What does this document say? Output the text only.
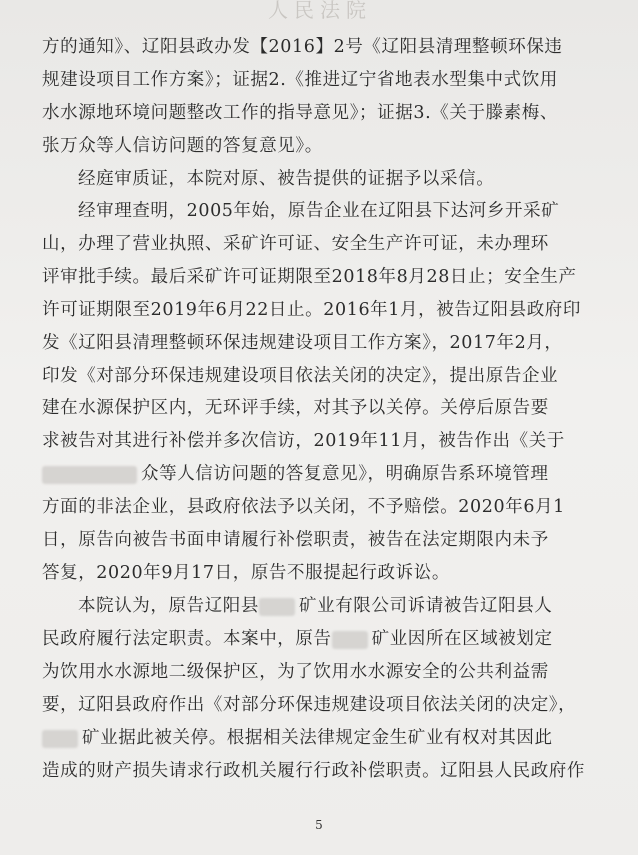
人民法院
方的通知》、辽阳县政办发【2016】2号《辽阳县清理整顿环保违
规建设项目工作方案》；证据2.《推进辽宁省地表水型集中式饮用
水水源地环境问题整改工作的指导意见》；证据3.《关于滕素梅、
张万众等人信访问题的答复意见》。
经庭审质证，本院对原、被告提供的证据予以采信。
经审理查明，2005年始，原告企业在辽阳县下达河乡开采矿
山，办理了营业执照、采矿许可证、安全生产许可证，未办理环
评审批手续。最后采矿许可证期限至2018年8月28日止；安全生产
许可证期限至2019年6月22日止。2016年1月，被告辽阳县政府印
发《辽阳县清理整顿环保违规建设项目工作方案》，2017年2月，
印发《对部分环保违规建设项目依法关闭的决定》，提出原告企业
建在水源保护区内，无环评手续，对其予以关停。关停后原告要
求被告对其进行补偿并多次信访，2019年11月，被告作出《关于
众等人信访问题的答复意见》，明确原告系环境管理
方面的非法企业，县政府依法予以关闭，不予赔偿。2020年6月1
日，原告向被告书面申请履行补偿职责，被告在法定期限内未予
答复，2020年9月17日，原告不服提起行政诉讼。
本院认为，原告辽阳县 矿业有限公司诉请被告辽阳县人
民政府履行法定职责。本案中，原告 矿业因所在区域被划定
为饮用水水源地二级保护区，为了饮用水水源安全的公共利益需
要，辽阳县政府作出《对部分环保违规建设项目依法关闭的决定》，
矿业据此被关停。根据相关法律规定金生矿业有权对其因此
造成的财产损失请求行政机关履行行政补偿职责。辽阳县人民政府作
5
